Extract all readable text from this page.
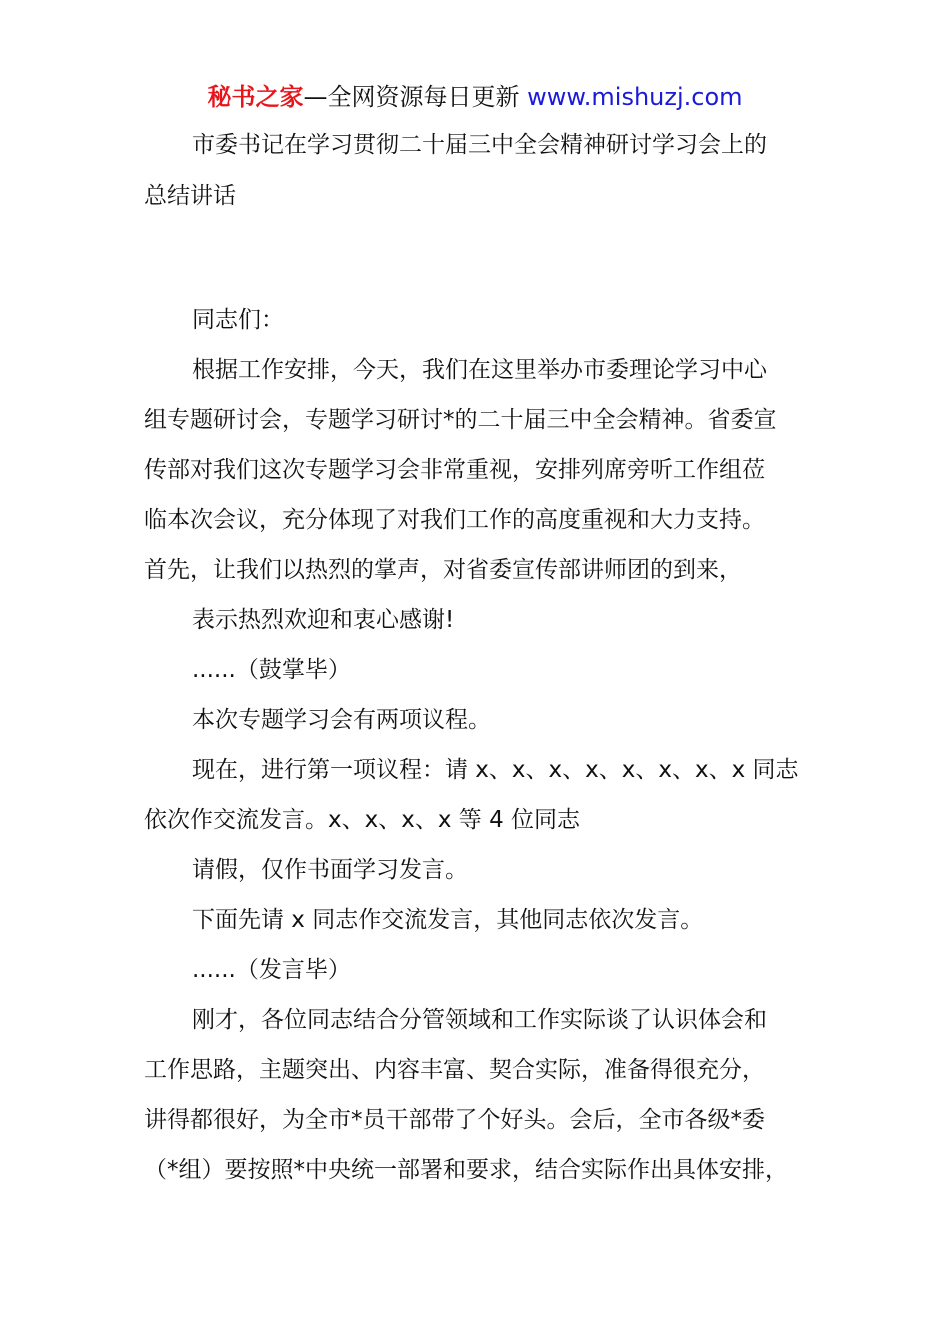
秘书之家—全网资源每日更新 www.mishuzj.com
市委书记在学习贯彻二十届三中全会精神研讨学习会上的
总结讲话
同志们：
根据工作安排，今天，我们在这里举办市委理论学习中心
组专题研讨会，专题学习研讨*的二十届三中全会精神。省委宣
传部对我们这次专题学习会非常重视，安排列席旁听工作组莅
临本次会议，充分体现了对我们工作的高度重视和大力支持。
首先，让我们以热烈的掌声，对省委宣传部讲师团的到来，
表示热烈欢迎和衷心感谢!
......（鼓掌毕）
本次专题学习会有两项议程。
现在，进行第一项议程：请 x、x、x、x、x、x、x、x 同志
依次作交流发言。x、x、x、x 等 4 位同志
请假，仅作书面学习发言。
下面先请 x 同志作交流发言，其他同志依次发言。
......（发言毕）
刚才，各位同志结合分管领域和工作实际谈了认识体会和
工作思路，主题突出、内容丰富、契合实际，准备得很充分，
讲得都很好，为全市*员干部带了个好头。会后，全市各级*委
（*组）要按照*中央统一部署和要求，结合实际作出具体安排，
